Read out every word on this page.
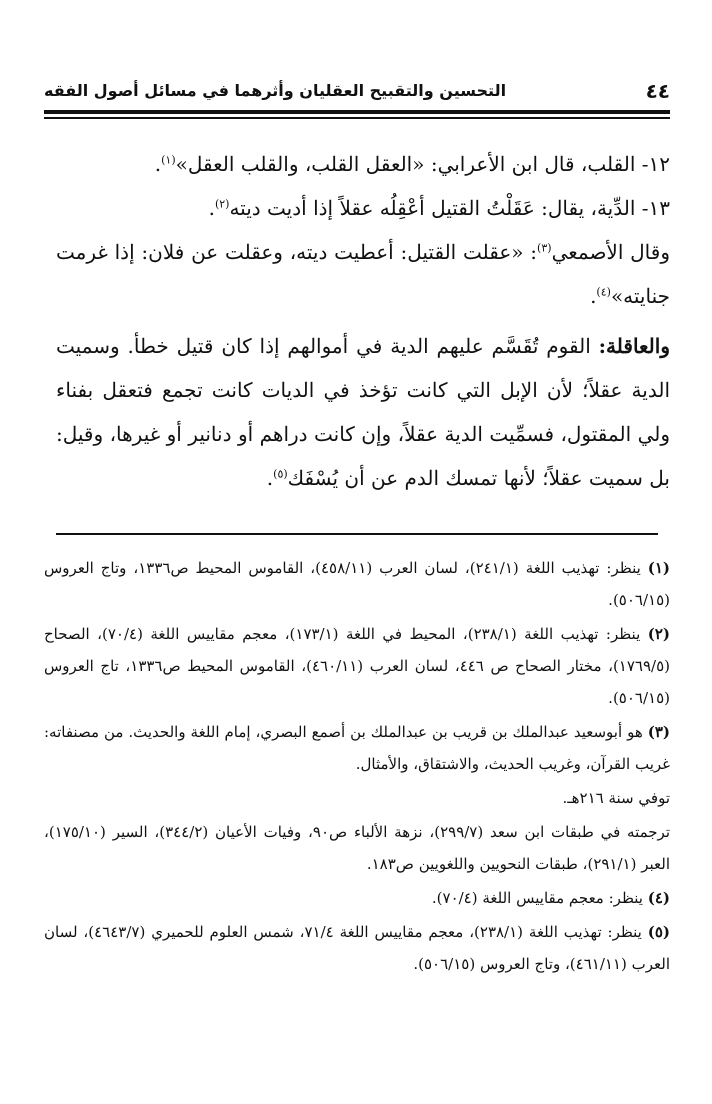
٤٤
التحسين والتقبيح العقليان وأثرهما في مسائل أصول الفقه

١٢- القلب، قال ابن الأعرابي: «العقل القلب، والقلب العقل»$^{(١)}$.

١٣- الدِّية، يقال: عَقَلْتُ القتيل أعْقِلُه عقلاً إذا أديت ديته$^{(٢)}$.

وقال الأصمعي$^{(٣)}$: «عقلت القتيل: أعطيت ديته، وعقلت عن فلان: إذا غرمت جنايته»$^{(٤)}$.

والعاقلة: القوم تُقَسَّم عليهم الدية في أموالهم إذا كان قتيل خطأ. وسميت الدية عقلاً؛ لأن الإبل التي كانت تؤخذ في الديات كانت تجمع فتعقل بفناء ولي المقتول، فسمِّيت الدية عقلاً، وإن كانت دراهم أو دنانير أو غيرها، وقيل: بل سميت عقلاً؛ لأنها تمسك الدم عن أن يُسْفَك$^{(٥)}$.

(١) ينظر: تهذيب اللغة (٢٤١/١)، لسان العرب (٤٥٨/١١)، القاموس المحيط ص١٣٣٦، وتاج العروس (٥٠٦/١٥).

(٢) ينظر: تهذيب اللغة (٢٣٨/١)، المحيط في اللغة (١٧٣/١)، معجم مقاييس اللغة (٧٠/٤)، الصحاح (١٧٦٩/٥)، مختار الصحاح ص ٤٤٦، لسان العرب (٤٦٠/١١)، القاموس المحيط ص١٣٣٦، تاج العروس (٥٠٦/١٥).

(٣) هو أبوسعيد عبدالملك بن قريب بن عبدالملك بن أصمع البصري، إمام اللغة والحديث. من مصنفاته: غريب القرآن، وغريب الحديث، والاشتقاق، والأمثال.

توفي سنة ٢١٦هـ.

ترجمته في طبقات ابن سعد (٢٩٩/٧)، نزهة الألباء ص٩٠، وفيات الأعيان (٣٤٤/٢)، السير (١٧٥/١٠)، العبر (٢٩١/١)، طبقات النحويين واللغويين ص١٨٣.

(٤) ينظر: معجم مقاييس اللغة (٧٠/٤).

(٥) ينظر: تهذيب اللغة (٢٣٨/١)، معجم مقاييس اللغة ٧١/٤، شمس العلوم للحميري (٤٦٤٣/٧)، لسان العرب (٤٦١/١١)، وتاج العروس (٥٠٦/١٥).
